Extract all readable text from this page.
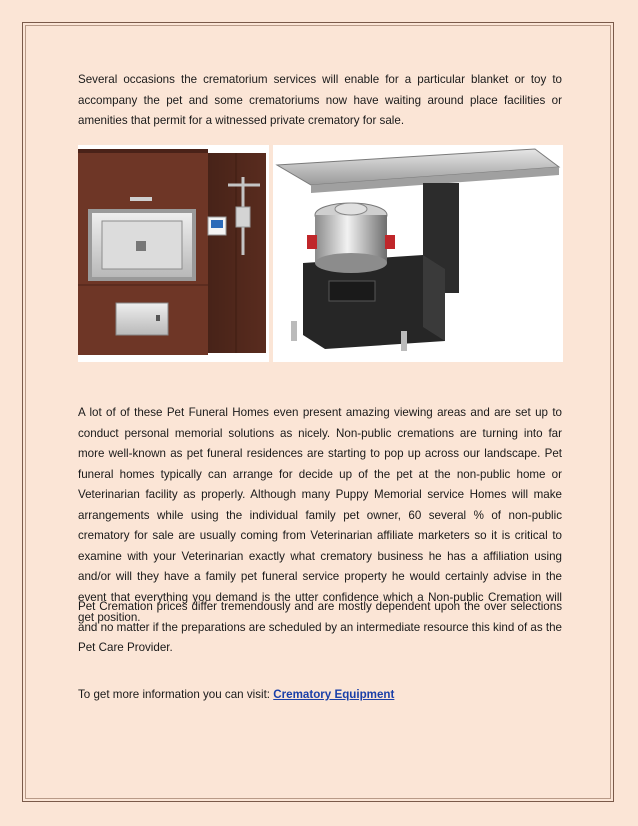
Several occasions the crematorium services will enable for a particular blanket or toy to accompany the pet and some crematoriums now have waiting around place facilities or amenities that permit for a witnessed private crematory for sale.

A lot of of these Pet Funeral Homes even present amazing viewing areas and are set up to conduct personal memorial solutions as nicely. Non-public cremations are turning into far more well-known as pet funeral residences are starting to pop up across our landscape. Pet funeral homes typically can arrange for decide up of the pet at the non-public home or Veterinarian facility as properly. Although many Puppy Memorial service Homes will make arrangements while using the individual family pet owner, 60 several % of non-public crematory for sale are usually coming from Veterinarian affiliate marketers so it is critical to examine with your Veterinarian exactly what crematory business he has a affiliation using and/or will they have a family pet funeral service property he would certainly advise in the event that everything you demand is the utter confidence which a Non-public Cremation will get position.

Pet Cremation prices differ tremendously and are mostly dependent upon the over selections and no matter if the preparations are scheduled by an intermediate resource this kind of as the Pet Care Provider.

To get more information you can visit: Crematory Equipment
